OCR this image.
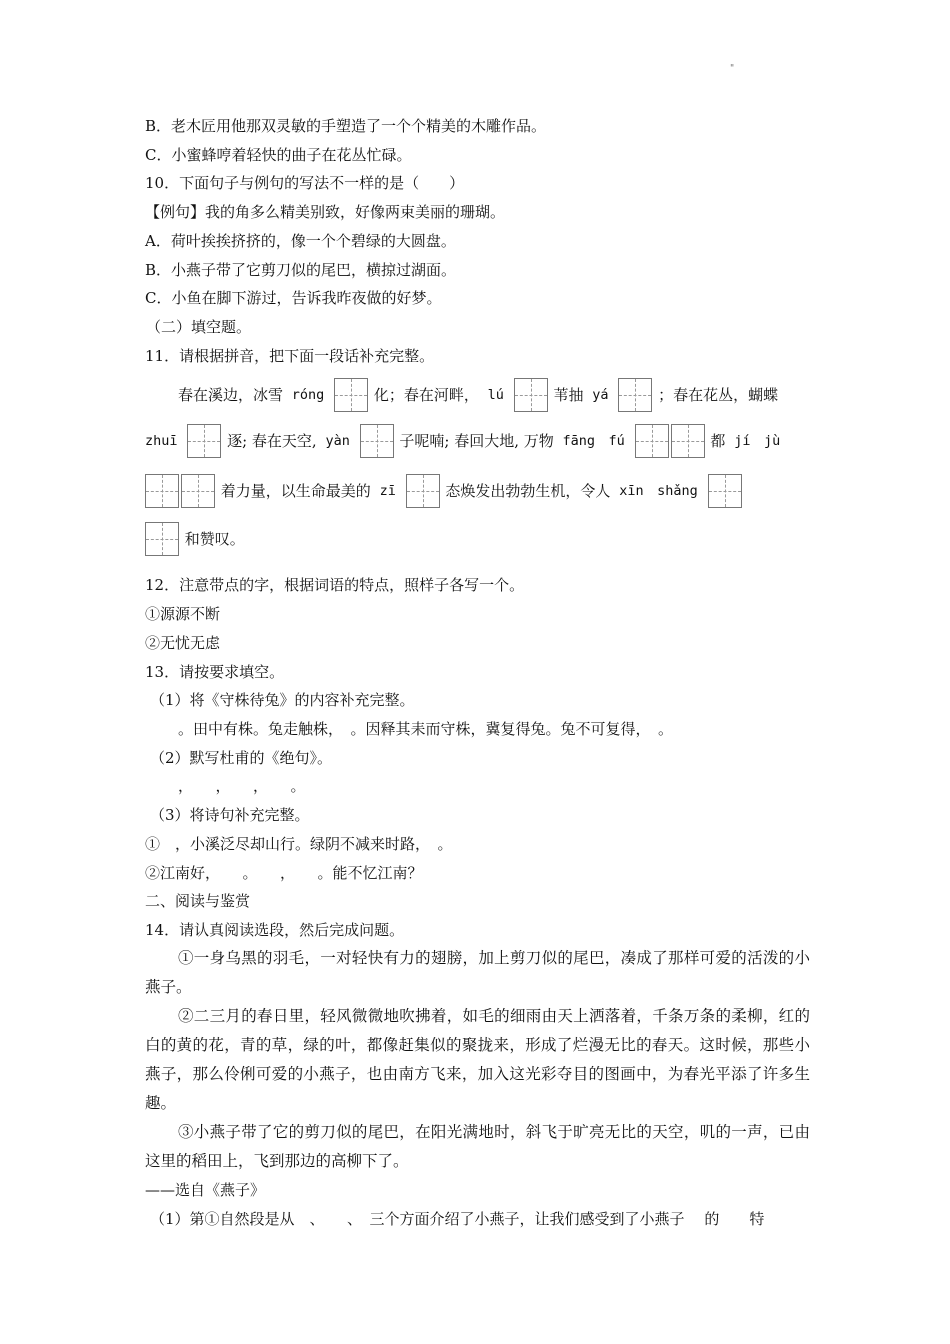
"
B．老木匠用他那双灵敏的手塑造了一个个精美的木雕作品。
C．小蜜蜂哼着轻快的曲子在花丛忙碌。
10．下面句子与例句的写法不一样的是（　　）
【例句】我的角多么精美别致，好像两束美丽的珊瑚。
A．荷叶挨挨挤挤的，像一个个碧绿的大圆盘。
B．小燕子带了它剪刀似的尾巴，横掠过湖面。
C．小鱼在脚下游过，告诉我昨夜做的好梦。
（二）填空题。
11．请根据拼音，把下面一段话补充完整。
春在溪边，冰雪 róng	化；春在河畔， lú	苇抽 yá	；春在花丛，蝴蝶
zhuī	逐; 春在天空, yàn	子呢喃; 春回大地, 万物 fāng　fú	都 jí　jù
着力量，以生命最美的 zī	态焕发出勃勃生机，令人 xīn　shǎng
和赞叹。
12．注意带点的字，根据词语的特点，照样子各写一个。
①源源不断
②无忧无虑
13．请按要求填空。
（1）将《守株待兔》的内容补充完整。
。田中有株。兔走触株，　。因释其耒而守株，冀复得兔。兔不可复得，　。
（2）默写杜甫的《绝句》。
，　　，　　，　　。
（3）将诗句补充完整。
①　，小溪泛尽却山行。绿阴不减来时路，　。
②江南好，　　。　　，　　。能不忆江南？
二、阅读与鉴赏
14．请认真阅读选段，然后完成问题。

①一身乌黑的羽毛，一对轻快有力的翅膀，加上剪刀似的尾巴，凑成了那样可爱的活泼的小燕子。

②二三月的春日里，轻风微微地吹拂着，如毛的细雨由天上洒落着，千条万条的柔柳，红的白的黄的花，青的草，绿的叶，都像赶集似的聚拢来，形成了烂漫无比的春天。这时候，那些小燕子，那么伶俐可爱的小燕子，也由南方飞来，加入这光彩夺目的图画中，为春光平添了许多生趣。

③小燕子带了它的剪刀似的尾巴，在阳光满地时，斜飞于旷亮无比的天空，叽的一声，已由这里的稻田上，飞到那边的高柳下了。

——选自《燕子》
（1）第①自然段是从　、　　、　三个方面介绍了小燕子，让我们感受到了小燕子　 的　　特
